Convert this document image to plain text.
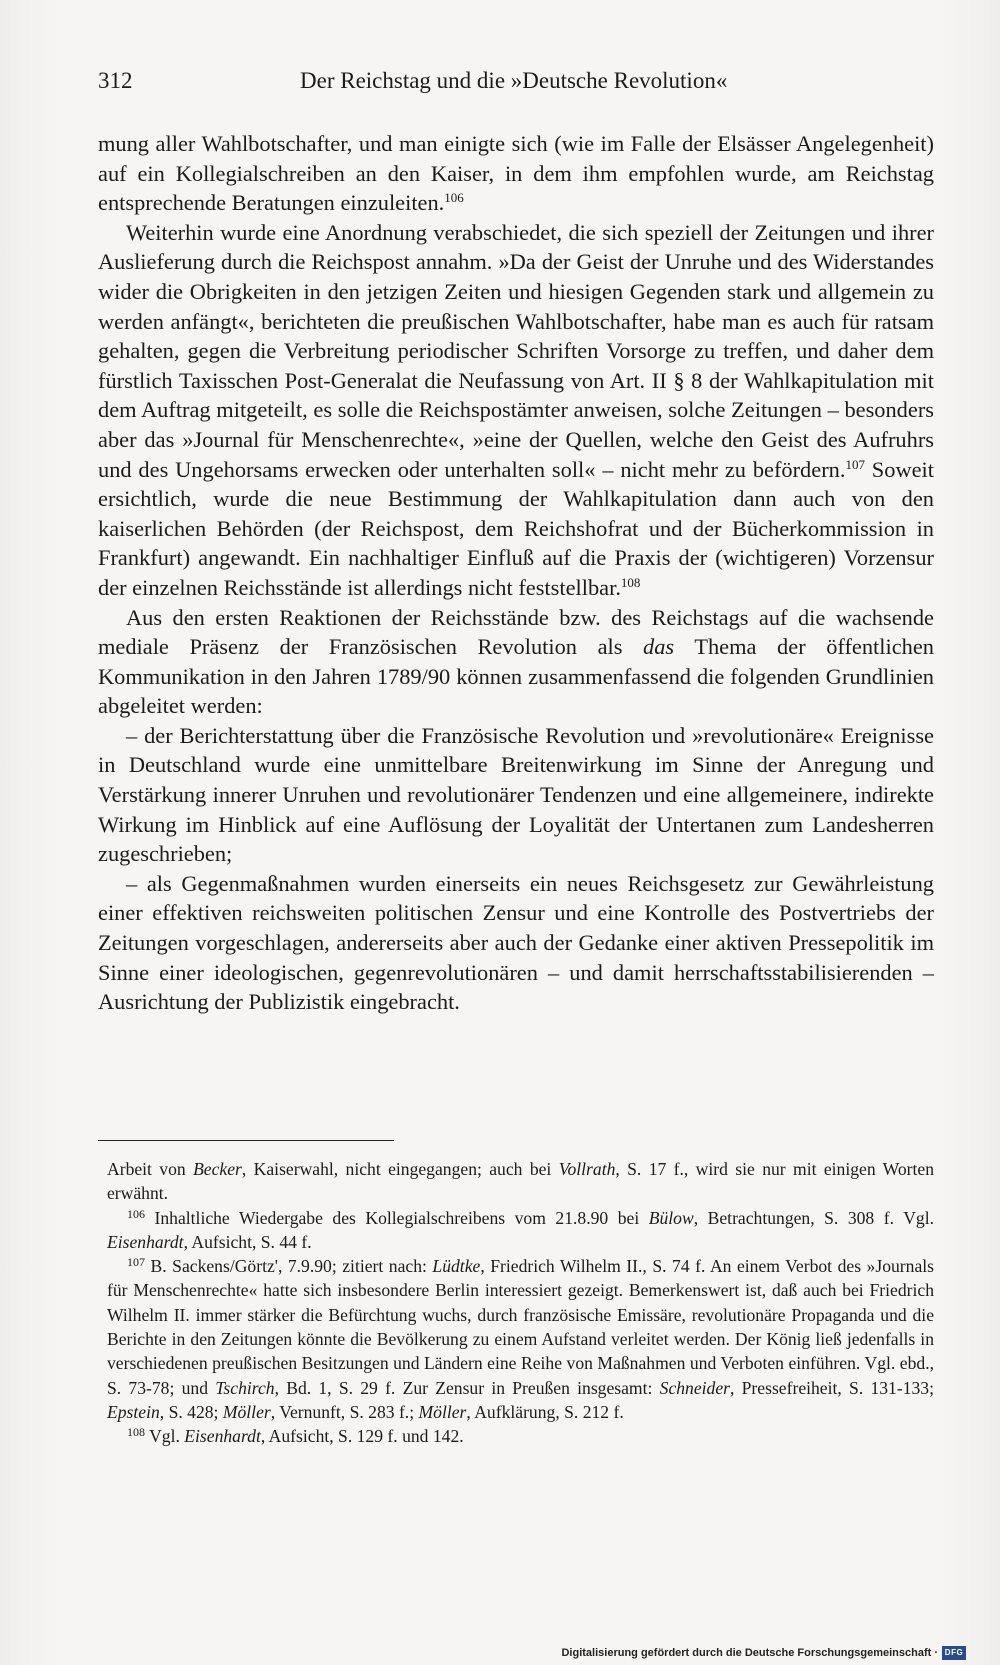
312	Der Reichstag und die »Deutsche Revolution«

mung aller Wahlbotschafter, und man einigte sich (wie im Falle der Elsässer Angelegenheit) auf ein Kollegialschreiben an den Kaiser, in dem ihm empfohlen wurde, am Reichstag entsprechende Beratungen einzuleiten.$^{106}$

Weiterhin wurde eine Anordnung verabschiedet, die sich speziell der Zeitungen und ihrer Auslieferung durch die Reichspost annahm. »Da der Geist der Unruhe und des Widerstandes wider die Obrigkeiten in den jetzigen Zeiten und hiesigen Gegenden stark und allgemein zu werden anfängt«, berichteten die preußischen Wahlbotschafter, habe man es auch für ratsam gehalten, gegen die Verbreitung periodischer Schriften Vorsorge zu treffen, und daher dem fürstlich Taxisschen Post-Generalat die Neufassung von Art. II § 8 der Wahlkapitulation mit dem Auftrag mitgeteilt, es solle die Reichspostämter anweisen, solche Zeitungen – besonders aber das »Journal für Menschenrechte«, »eine der Quellen, welche den Geist des Aufruhrs und des Ungehorsams erwecken oder unterhalten soll« – nicht mehr zu befördern.$^{107}$ Soweit ersichtlich, wurde die neue Bestimmung der Wahlkapitulation dann auch von den kaiserlichen Behörden (der Reichspost, dem Reichshofrat und der Bücherkommission in Frankfurt) angewandt. Ein nachhaltiger Einfluß auf die Praxis der (wichtigeren) Vorzensur der einzelnen Reichsstände ist allerdings nicht feststellbar.$^{108}$

Aus den ersten Reaktionen der Reichsstände bzw. des Reichstags auf die wachsende mediale Präsenz der Französischen Revolution als das Thema der öffentlichen Kommunikation in den Jahren 1789/90 können zusammenfassend die folgenden Grundlinien abgeleitet werden:

– der Berichterstattung über die Französische Revolution und »revolutionäre« Ereignisse in Deutschland wurde eine unmittelbare Breitenwirkung im Sinne der Anregung und Verstärkung innerer Unruhen und revolutionärer Tendenzen und eine allgemeinere, indirekte Wirkung im Hinblick auf eine Auflösung der Loyalität der Untertanen zum Landesherren zugeschrieben;

– als Gegenmaßnahmen wurden einerseits ein neues Reichsgesetz zur Gewährleistung einer effektiven reichsweiten politischen Zensur und eine Kontrolle des Postvertriebs der Zeitungen vorgeschlagen, andererseits aber auch der Gedanke einer aktiven Pressepolitik im Sinne einer ideologischen, gegenrevolutionären – und damit herrschaftsstabilisierenden – Ausrichtung der Publizistik eingebracht.

Arbeit von Becker, Kaiserwahl, nicht eingegangen; auch bei Vollrath, S. 17 f., wird sie nur mit einigen Worten erwähnt.

$^{106}$ Inhaltliche Wiedergabe des Kollegialschreibens vom 21.8.90 bei Bülow, Betrachtungen, S. 308 f. Vgl. Eisenhardt, Aufsicht, S. 44 f.

$^{107}$ B. Sackens/Görtz', 7.9.90; zitiert nach: Lüdtke, Friedrich Wilhelm II., S. 74 f. An einem Verbot des »Journals für Menschenrechte« hatte sich insbesondere Berlin interessiert gezeigt. Bemerkenswert ist, daß auch bei Friedrich Wilhelm II. immer stärker die Befürchtung wuchs, durch französische Emissäre, revolutionäre Propaganda und die Berichte in den Zeitungen könnte die Bevölkerung zu einem Aufstand verleitet werden. Der König ließ jedenfalls in verschiedenen preußischen Besitzungen und Ländern eine Reihe von Maßnahmen und Verboten einführen. Vgl. ebd., S. 73-78; und Tschirch, Bd. 1, S. 29 f. Zur Zensur in Preußen insgesamt: Schneider, Pressefreiheit, S. 131-133; Epstein, S. 428; Möller, Vernunft, S. 283 f.; Möller, Aufklärung, S. 212 f.

$^{108}$ Vgl. Eisenhardt, Aufsicht, S. 129 f. und 142.

Digitalisierung gefördert durch die Deutsche Forschungsgemeinschaft · DFG
